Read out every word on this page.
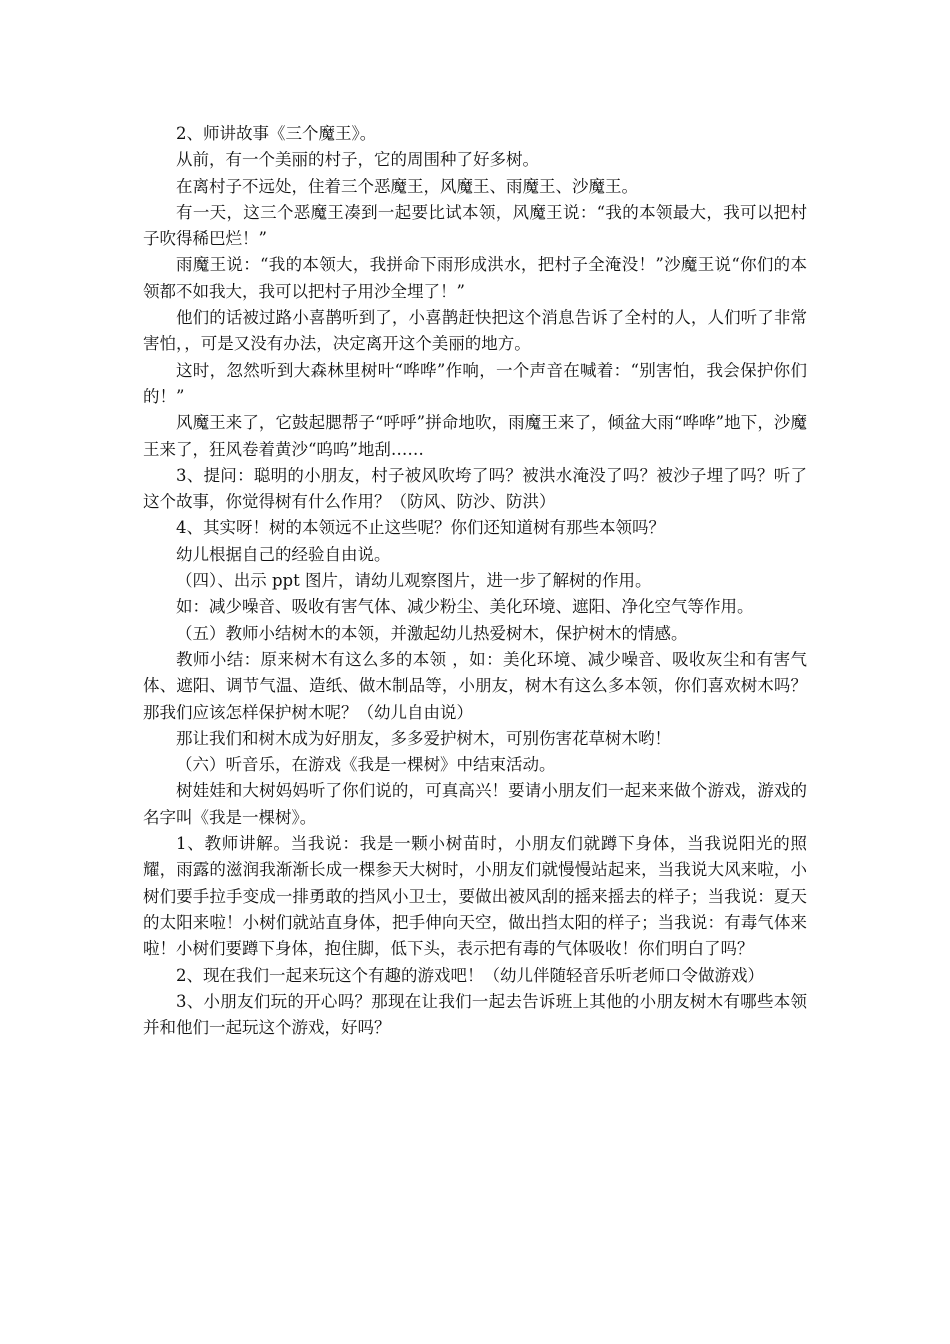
2、师讲故事《三个魔王》。

从前，有一个美丽的村子，它的周围种了好多树。

在离村子不远处，住着三个恶魔王，风魔王、雨魔王、沙魔王。

有一天，这三个恶魔王凑到一起要比试本领，风魔王说：“我的本领最大，我可以把村子吹得稀巴烂！”

雨魔王说：“我的本领大，我拼命下雨形成洪水，把村子全淹没！”沙魔王说“你们的本领都不如我大，我可以把村子用沙全埋了！”

他们的话被过路小喜鹊听到了，小喜鹊赶快把这个消息告诉了全村的人，人们听了非常害怕，，可是又没有办法，决定离开这个美丽的地方。

这时，忽然听到大森林里树叶“哗哗”作响，一个声音在喊着：“别害怕，我会保护你们的！”

风魔王来了，它鼓起腮帮子“呼呼”拼命地吹，雨魔王来了，倾盆大雨“哗哗”地下，沙魔王来了，狂风卷着黄沙“呜呜”地刮……

3、提问：聪明的小朋友，村子被风吹垮了吗？被洪水淹没了吗？被沙子埋了吗？听了这个故事，你觉得树有什么作用？（防风、防沙、防洪）

4、其实呀！树的本领远不止这些呢？你们还知道树有那些本领吗？

幼儿根据自己的经验自由说。

（四）、出示 ppt 图片，请幼儿观察图片，进一步了解树的作用。

如：减少噪音、吸收有害气体、减少粉尘、美化环境、遮阳、净化空气等作用。

（五）教师小结树木的本领，并激起幼儿热爱树木，保护树木的情感。

教师小结：原来树木有这么多的本领 ，如：美化环境、减少噪音、吸收灰尘和有害气体、遮阳、调节气温、造纸、做木制品等，小朋友，树木有这么多本领，你们喜欢树木吗？那我们应该怎样保护树木呢？（幼儿自由说）

那让我们和树木成为好朋友，多多爱护树木，可别伤害花草树木哟！

（六）听音乐，在游戏《我是一棵树》中结束活动。

树娃娃和大树妈妈听了你们说的，可真高兴！要请小朋友们一起来来做个游戏，游戏的名字叫《我是一棵树》。

1、教师讲解。当我说：我是一颗小树苗时，小朋友们就蹲下身体，当我说阳光的照耀，雨露的滋润我渐渐长成一棵参天大树时，小朋友们就慢慢站起来，当我说大风来啦，小树们要手拉手变成一排勇敢的挡风小卫士，要做出被风刮的摇来摇去的样子；当我说：夏天的太阳来啦！小树们就站直身体，把手伸向天空，做出挡太阳的样子；当我说：有毒气体来啦！小树们要蹲下身体，抱住脚，低下头，表示把有毒的气体吸收！你们明白了吗？

2、现在我们一起来玩这个有趣的游戏吧！（幼儿伴随轻音乐听老师口令做游戏）

3、小朋友们玩的开心吗？那现在让我们一起去告诉班上其他的小朋友树木有哪些本领并和他们一起玩这个游戏，好吗？
